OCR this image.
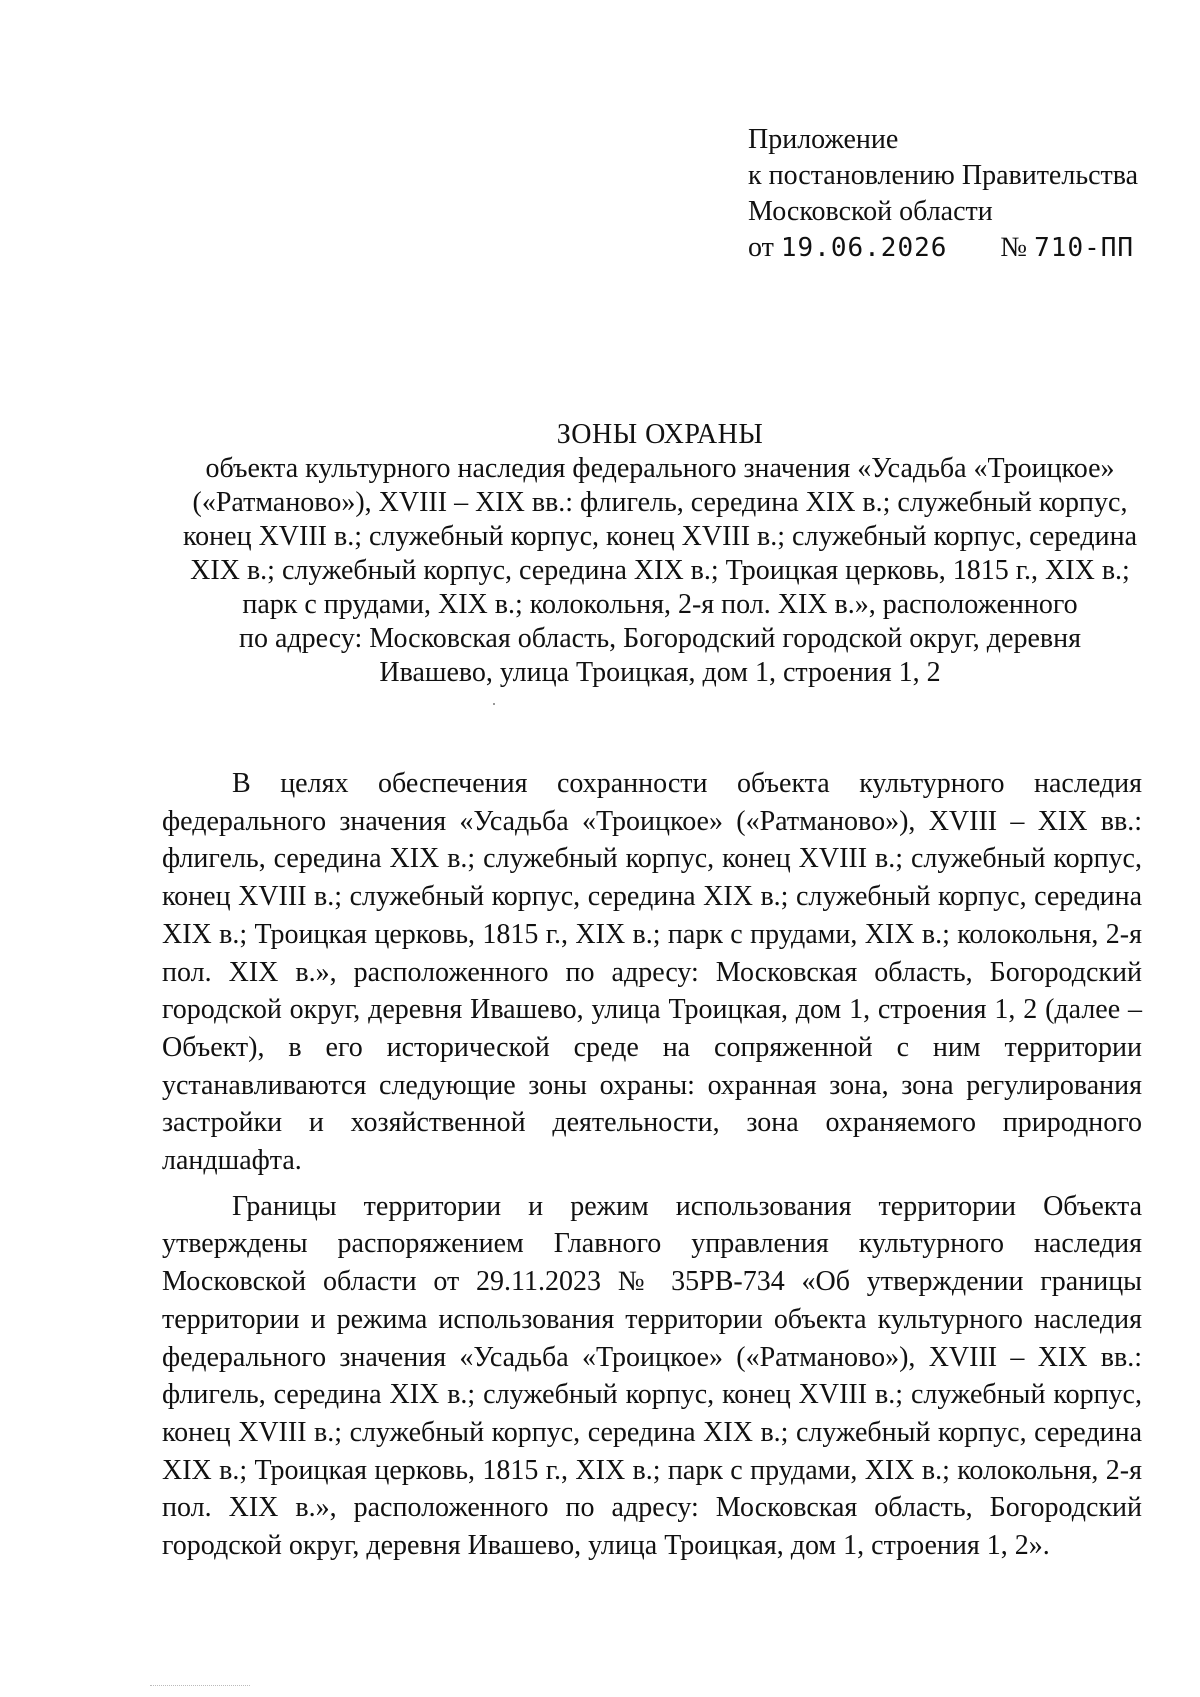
Приложение
к постановлению Правительства
Московской области
от 19.06.2026 № 710-ПП
ЗОНЫ ОХРАНЫ
объекта культурного наследия федерального значения «Усадьба «Троицкое»
(«Ратманово»), XVIII – XIX вв.: флигель, середина XIX в.; служебный корпус,
конец XVIII в.; служебный корпус, конец XVIII в.; служебный корпус, середина
XIX в.; служебный корпус, середина XIX в.; Троицкая церковь, 1815 г., XIX в.;
парк с прудами, XIX в.; колокольня, 2-я пол. XIX в.», расположенного
по адресу: Московская область, Богородский городской округ, деревня
Ивашево, улица Троицкая, дом 1, строения 1, 2

В целях обеспечения сохранности объекта культурного наследия федерального значения «Усадьба «Троицкое» («Ратманово»), XVIII – XIX вв.: флигель, середина XIX в.; служебный корпус, конец XVIII в.; служебный корпус, конец XVIII в.; служебный корпус, середина XIX в.; служебный корпус, середина XIX в.; Троицкая церковь, 1815 г., XIX в.; парк с прудами, XIX в.; колокольня, 2-я пол. XIX в.», расположенного по адресу: Московская область, Богородский городской округ, деревня Ивашево, улица Троицкая, дом 1, строения 1, 2 (далее – Объект), в его исторической среде на сопряженной с ним территории устанавливаются следующие зоны охраны: охранная зона, зона регулирования застройки и хозяйственной деятельности, зона охраняемого природного ландшафта.

Границы территории и режим использования территории Объекта утверждены распоряжением Главного управления культурного наследия Московской области от 29.11.2023 № 35РВ-734 «Об утверждении границы территории и режима использования территории объекта культурного наследия федерального значения «Усадьба «Троицкое» («Ратманово»), XVIII – XIX вв.: флигель, середина XIX в.; служебный корпус, конец XVIII в.; служебный корпус, конец XVIII в.; служебный корпус, середина XIX в.; служебный корпус, середина XIX в.; Троицкая церковь, 1815 г., XIX в.; парк с прудами, XIX в.; колокольня, 2-я пол. XIX в.», расположенного по адресу: Московская область, Богородский городской округ, деревня Ивашево, улица Троицкая, дом 1, строения 1, 2».
